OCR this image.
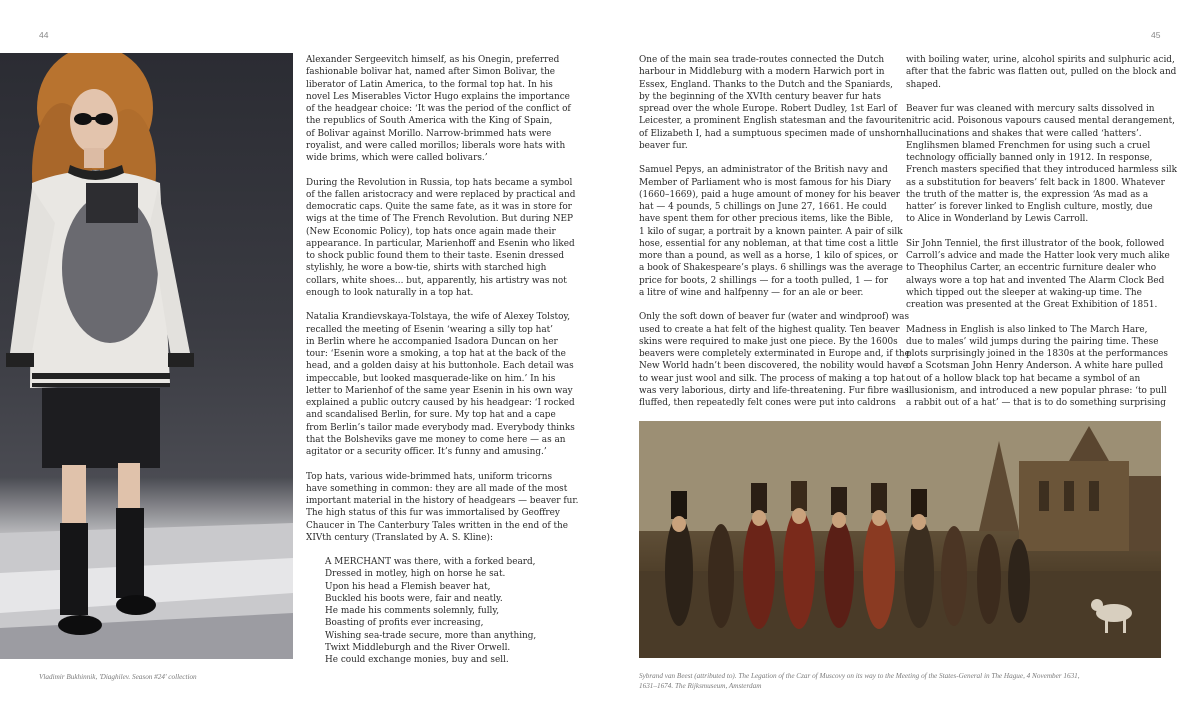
44	45
Vladimir Bukhinnik, 'Diaghilev. Season #24' collection	Sybrand van Beest (attributed to). The Legation of the Czar of Muscovy on its way to the Meeting of the States-General in The Hague, 4 November 1631,
1631–1674. The Rijksmuseum, Amsterdam
Alexander Sergeevitch himself, as his Onegin, preferred
fashionable bolivar hat, named after Simon Bolivar, the
liberator of Latin America, to the formal top hat. In his
novel Les Miserables Victor Hugo explains the importance
of the headgear choice: ‘It was the period of the conflict of
the republics of South America with the King of Spain,
of Bolivar against Morillo. Narrow-brimmed hats were
royalist, and were called morillos; liberals wore hats with
wide brims, which were called bolivars.’
During the Revolution in Russia, top hats became a symbol
of the fallen aristocracy and were replaced by practical and
democratic caps. Quite the same fate, as it was in store for
wigs at the time of The French Revolution. But during NEP
(New Economic Policy), top hats once again made their
appearance. In particular, Marienhoff and Esenin who liked
to shock public found them to their taste. Esenin dressed
stylishly, he wore a bow-tie, shirts with starched high
collars, white shoes... but, apparently, his artistry was not
enough to look naturally in a top hat.
Natalia Krandievskaya-Tolstaya, the wife of Alexey Tolstoy,
recalled the meeting of Esenin ‘wearing a silly top hat’
in Berlin where he accompanied Isadora Duncan on her
tour: ‘Esenin wore a smoking, a top hat at the back of the
head, and a golden daisy at his buttonhole. Each detail was
impeccable, but looked masquerade-like on him.’ In his
letter to Marienhof of the same year Esenin in his own way
explained a public outcry caused by his headgear: ‘I rocked
and scandalised Berlin, for sure. My top hat and a cape
from Berlin’s tailor made everybody mad. Everybody thinks
that the Bolsheviks gave me money to come here — as an
agitator or a security officer. It’s funny and amusing.’
Top hats, various wide-brimmed hats, uniform tricorns
have something in common: they are all made of the most
important material in the history of headgears — beaver fur.
The high status of this fur was immortalised by Geoffrey
Chaucer in The Canterbury Tales written in the end of the
XIVth century (Translated by A. S. Kline):
A MERCHANT was there, with a forked beard,
Dressed in motley, high on horse he sat.
Upon his head a Flemish beaver hat,
Buckled his boots were, fair and neatly.
He made his comments solemnly, fully,
Boasting of profits ever increasing,
Wishing sea-trade secure, more than anything,
Twixt Middleburgh and the River Orwell.
He could exchange monies, buy and sell.
One of the main sea trade-routes connected the Dutch
harbour in Middleburg with a modern Harwich port in
Essex, England. Thanks to the Dutch and the Spaniards,
by the beginning of the XVIth century beaver fur hats
spread over the whole Europe. Robert Dudley, 1st Earl of
Leicester, a prominent English statesman and the favourite
of Elizabeth I, had a sumptuous specimen made of unshorn
beaver fur.
Samuel Pepys, an administrator of the British navy and
Member of Parliament who is most famous for his Diary
(1660–1669), paid a huge amount of money for his beaver
hat — 4 pounds, 5 chillings on June 27, 1661. He could
have spent them for other precious items, like the Bible,
1 kilo of sugar, a portrait by a known painter. A pair of silk
hose, essential for any nobleman, at that time cost a little
more than a pound, as well as a horse, 1 kilo of spices, or
a book of Shakespeare’s plays. 6 shillings was the average
price for boots, 2 shillings — for a tooth pulled, 1 — for
a litre of wine and halfpenny — for an ale or beer.
Only the soft down of beaver fur (water and windproof) was
used to create a hat felt of the highest quality. Ten beaver
skins were required to make just one piece. By the 1600s
beavers were completely exterminated in Europe and, if the
New World hadn’t been discovered, the nobility would have
to wear just wool and silk. The process of making a top hat
was very laborious, dirty and life-threatening. Fur fibre was
fluffed, then repeatedly felt cones were put into caldrons
with boiling water, urine, alcohol spirits and sulphuric acid,
after that the fabric was flatten out, pulled on the block and
shaped.
Beaver fur was cleaned with mercury salts dissolved in
nitric acid. Poisonous vapours caused mental derangement,
hallucinations and shakes that were called ‘hatters’.
Englihsmen blamed Frenchmen for using such a cruel
technology officially banned only in 1912. In response,
French masters specified that they introduced harmless silk
as a substitution for beavers’ felt back in 1800. Whatever
the truth of the matter is, the expression ‘As mad as a
hatter’ is forever linked to English culture, mostly, due
to Alice in Wonderland by Lewis Carroll.
Sir John Tenniel, the first illustrator of the book, followed
Carroll’s advice and made the Hatter look very much alike
to Theophilus Carter, an eccentric furniture dealer who
always wore a top hat and invented The Alarm Clock Bed
which tipped out the sleeper at waking-up time. The
creation was presented at the Great Exhibition of 1851.
Madness in English is also linked to The March Hare,
due to males’ wild jumps during the pairing time. These
plots surprisingly joined in the 1830s at the performances
of a Scotsman John Henry Anderson. A white hare pulled
out of a hollow black top hat became a symbol of an
illusionism, and introduced a new popular phrase: ‘to pull
a rabbit out of a hat’ — that is to do something surprising
